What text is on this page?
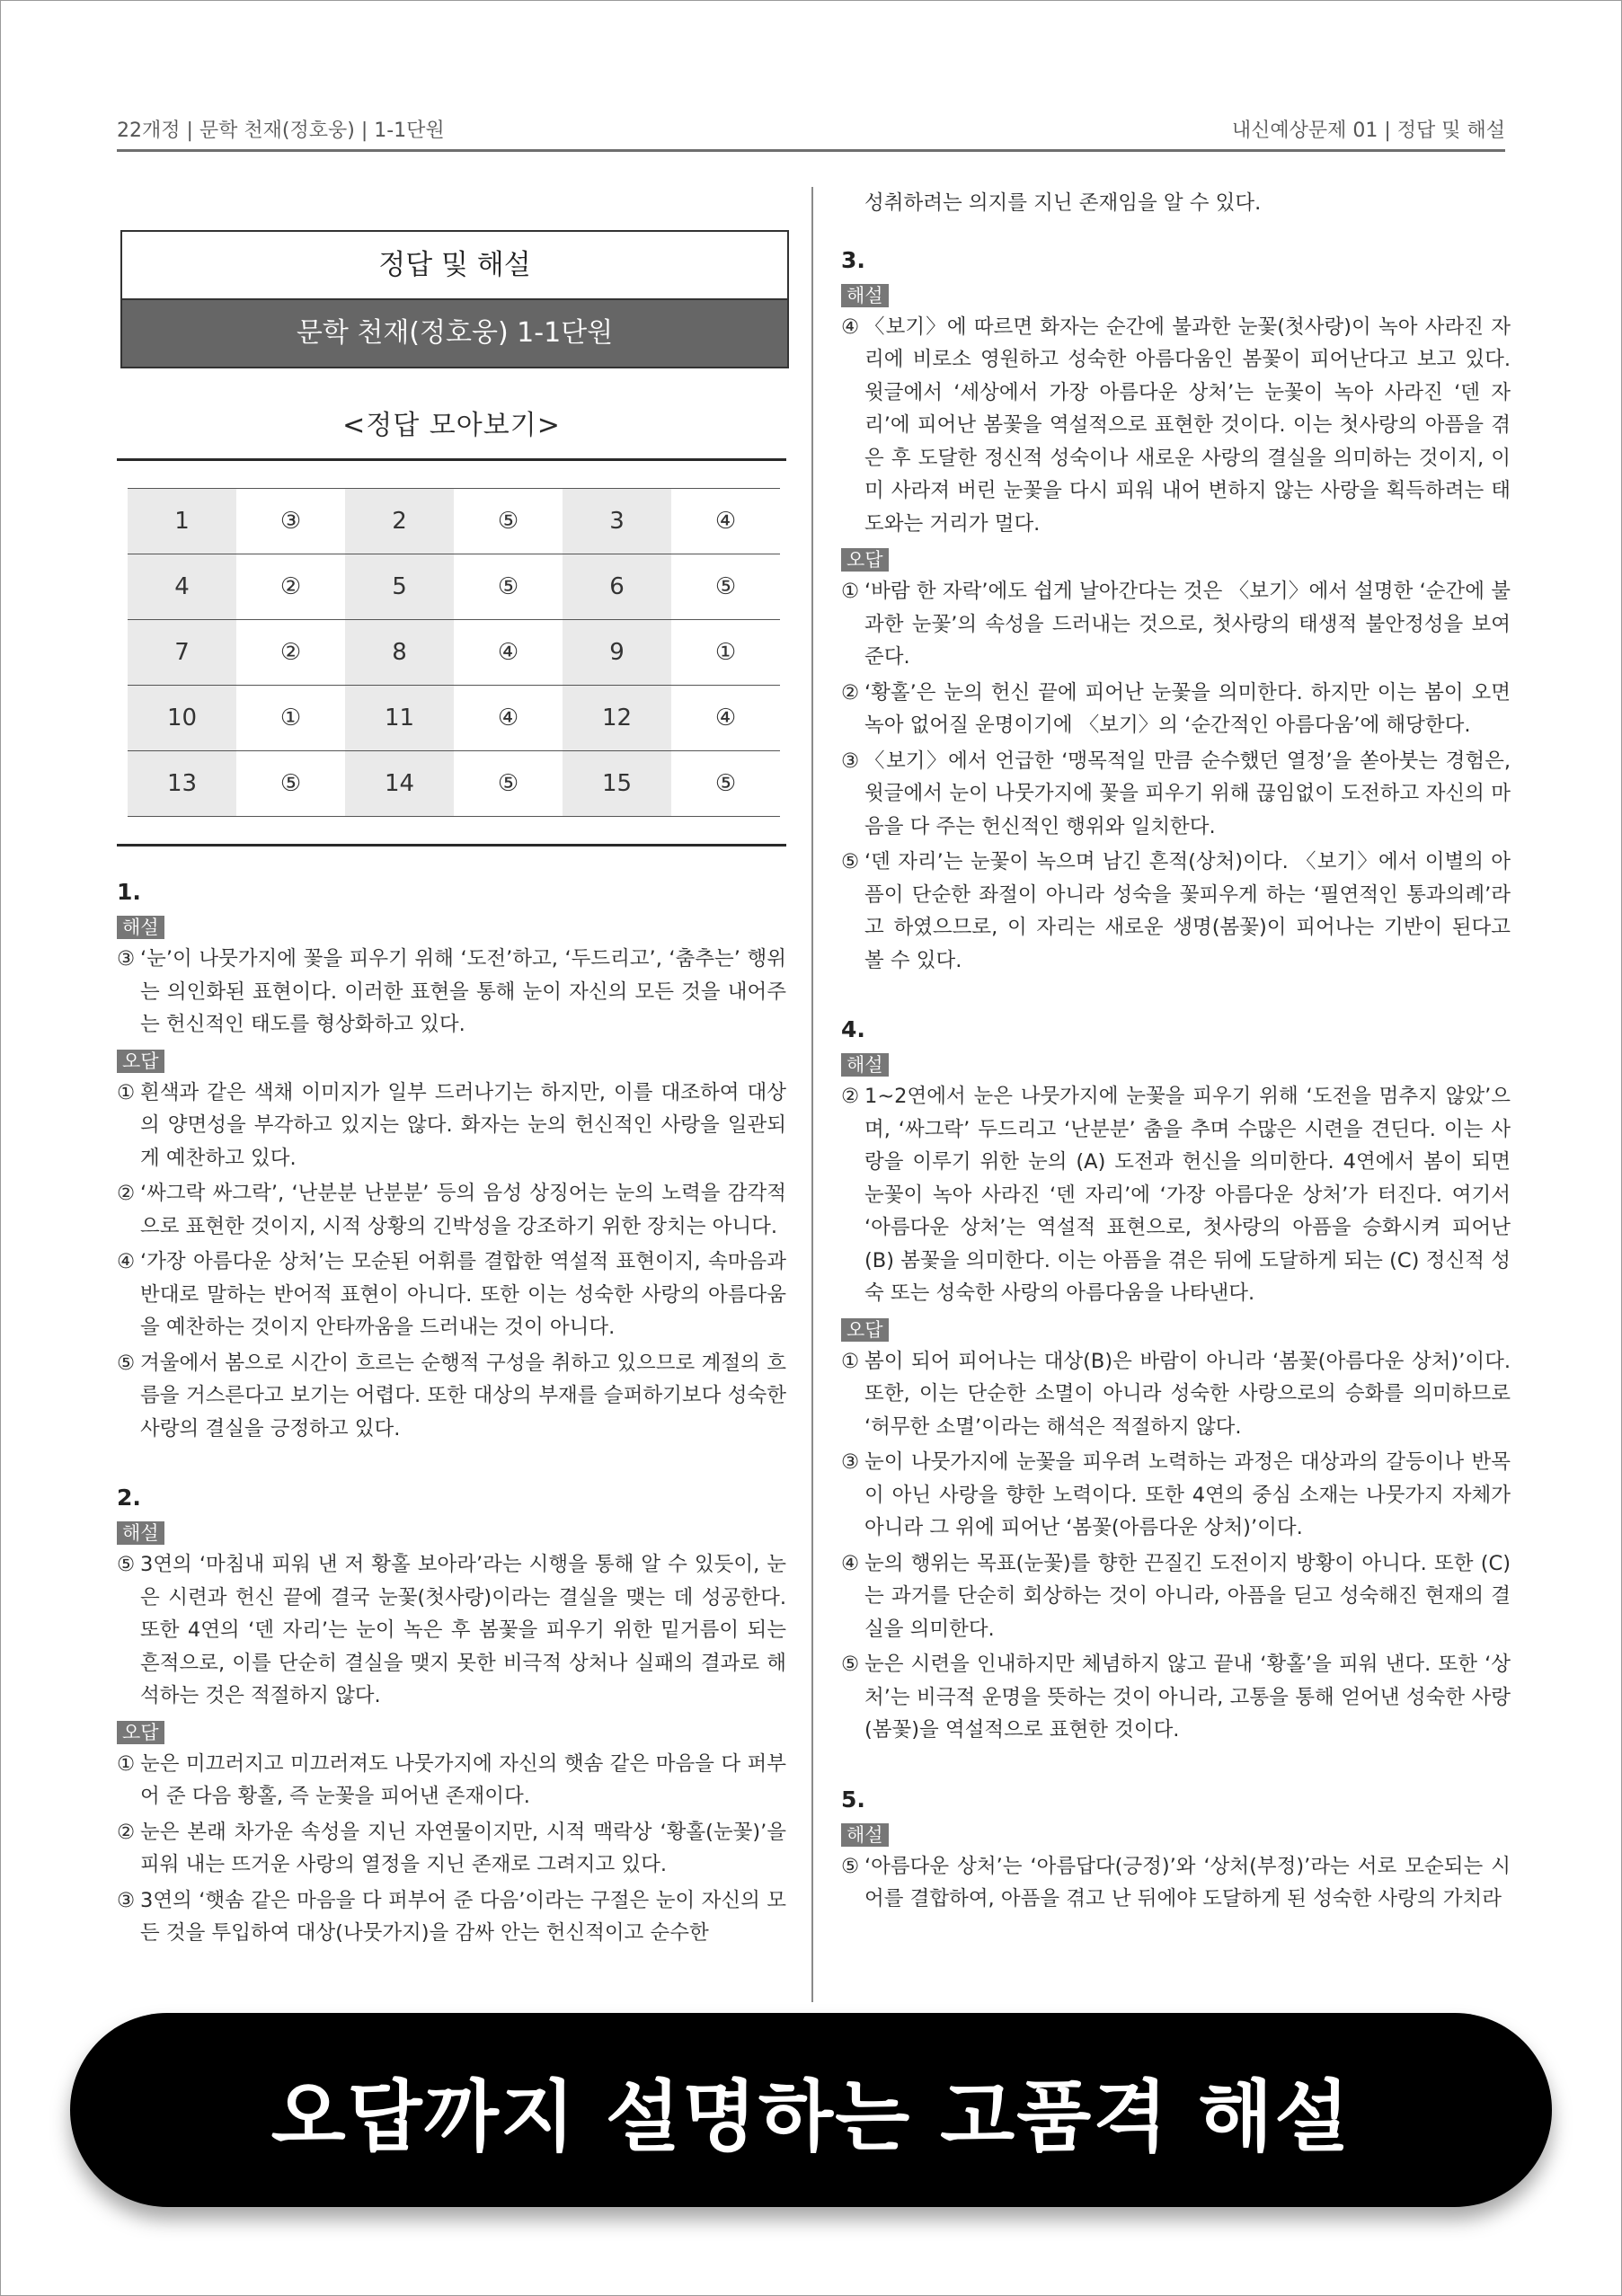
22개정 | 문학 천재(정호웅) | 1-1단원	내신예상문제 01 | 정답 및 해설
정답 및 해설
문학 천재(정호웅) 1-1단원
<정답 모아보기>
1	③	2	⑤	3	④
4	②	5	⑤	6	⑤
7	②	8	④	9	①
10	①	11	④	12	④
13	⑤	14	⑤	15	⑤
1.
해설
③ ‘눈’이 나뭇가지에 꽃을 피우기 위해 ‘도전’하고, ‘두드리고’, ‘춤추는’ 행위는 의인화된 표현이다. 이러한 표현을 통해 눈이 자신의 모든 것을 내어주는 헌신적인 태도를 형상화하고 있다.
오답
① 흰색과 같은 색채 이미지가 일부 드러나기는 하지만, 이를 대조하여 대상의 양면성을 부각하고 있지는 않다. 화자는 눈의 헌신적인 사랑을 일관되게 예찬하고 있다.
② ‘싸그락 싸그락’, ‘난분분 난분분’ 등의 음성 상징어는 눈의 노력을 감각적으로 표현한 것이지, 시적 상황의 긴박성을 강조하기 위한 장치는 아니다.
④ ‘가장 아름다운 상처’는 모순된 어휘를 결합한 역설적 표현이지, 속마음과 반대로 말하는 반어적 표현이 아니다. 또한 이는 성숙한 사랑의 아름다움을 예찬하는 것이지 안타까움을 드러내는 것이 아니다.
⑤ 겨울에서 봄으로 시간이 흐르는 순행적 구성을 취하고 있으므로 계절의 흐름을 거스른다고 보기는 어렵다. 또한 대상의 부재를 슬퍼하기보다 성숙한 사랑의 결실을 긍정하고 있다.
2.
해설
⑤ 3연의 ‘마침내 피워 낸 저 황홀 보아라’라는 시행을 통해 알 수 있듯이, 눈은 시련과 헌신 끝에 결국 눈꽃(첫사랑)이라는 결실을 맺는 데 성공한다. 또한 4연의 ‘덴 자리’는 눈이 녹은 후 봄꽃을 피우기 위한 밑거름이 되는 흔적으로, 이를 단순히 결실을 맺지 못한 비극적 상처나 실패의 결과로 해석하는 것은 적절하지 않다.
오답
① 눈은 미끄러지고 미끄러져도 나뭇가지에 자신의 햇솜 같은 마음을 다 퍼부어 준 다음 황홀, 즉 눈꽃을 피어낸 존재이다.
② 눈은 본래 차가운 속성을 지닌 자연물이지만, 시적 맥락상 ‘황홀(눈꽃)’을 피워 내는 뜨거운 사랑의 열정을 지닌 존재로 그려지고 있다.
③ 3연의 ‘햇솜 같은 마음을 다 퍼부어 준 다음’이라는 구절은 눈이 자신의 모든 것을 투입하여 대상(나뭇가지)을 감싸 안는 헌신적이고 순수한
성취하려는 의지를 지닌 존재임을 알 수 있다.
3.
해설
④ 〈보기〉에 따르면 화자는 순간에 불과한 눈꽃(첫사랑)이 녹아 사라진 자리에 비로소 영원하고 성숙한 아름다움인 봄꽃이 피어난다고 보고 있다. 윗글에서 ‘세상에서 가장 아름다운 상처’는 눈꽃이 녹아 사라진 ‘덴 자리’에 피어난 봄꽃을 역설적으로 표현한 것이다. 이는 첫사랑의 아픔을 겪은 후 도달한 정신적 성숙이나 새로운 사랑의 결실을 의미하는 것이지, 이미 사라져 버린 눈꽃을 다시 피워 내어 변하지 않는 사랑을 획득하려는 태도와는 거리가 멀다.
오답
① ‘바람 한 자락’에도 쉽게 날아간다는 것은 〈보기〉에서 설명한 ‘순간에 불과한 눈꽃’의 속성을 드러내는 것으로, 첫사랑의 태생적 불안정성을 보여 준다.
② ‘황홀’은 눈의 헌신 끝에 피어난 눈꽃을 의미한다. 하지만 이는 봄이 오면 녹아 없어질 운명이기에 〈보기〉의 ‘순간적인 아름다움’에 해당한다.
③ 〈보기〉에서 언급한 ‘맹목적일 만큼 순수했던 열정’을 쏟아붓는 경험은, 윗글에서 눈이 나뭇가지에 꽃을 피우기 위해 끊임없이 도전하고 자신의 마음을 다 주는 헌신적인 행위와 일치한다.
⑤ ‘덴 자리’는 눈꽃이 녹으며 남긴 흔적(상처)이다. 〈보기〉에서 이별의 아픔이 단순한 좌절이 아니라 성숙을 꽃피우게 하는 ‘필연적인 통과의례’라고 하였으므로, 이 자리는 새로운 생명(봄꽃)이 피어나는 기반이 된다고 볼 수 있다.
4.
해설
② 1~2연에서 눈은 나뭇가지에 눈꽃을 피우기 위해 ‘도전을 멈추지 않았’으며, ‘싸그락’ 두드리고 ‘난분분’ 춤을 추며 수많은 시련을 견딘다. 이는 사랑을 이루기 위한 눈의 (A) 도전과 헌신을 의미한다. 4연에서 봄이 되면 눈꽃이 녹아 사라진 ‘덴 자리’에 ‘가장 아름다운 상처’가 터진다. 여기서 ‘아름다운 상처’는 역설적 표현으로, 첫사랑의 아픔을 승화시켜 피어난 (B) 봄꽃을 의미한다. 이는 아픔을 겪은 뒤에 도달하게 되는 (C) 정신적 성숙 또는 성숙한 사랑의 아름다움을 나타낸다.
오답
① 봄이 되어 피어나는 대상(B)은 바람이 아니라 ‘봄꽃(아름다운 상처)’이다. 또한, 이는 단순한 소멸이 아니라 성숙한 사랑으로의 승화를 의미하므로 ‘허무한 소멸’이라는 해석은 적절하지 않다.
③ 눈이 나뭇가지에 눈꽃을 피우려 노력하는 과정은 대상과의 갈등이나 반목이 아닌 사랑을 향한 노력이다. 또한 4연의 중심 소재는 나뭇가지 자체가 아니라 그 위에 피어난 ‘봄꽃(아름다운 상처)’이다.
④ 눈의 행위는 목표(눈꽃)를 향한 끈질긴 도전이지 방황이 아니다. 또한 (C)는 과거를 단순히 회상하는 것이 아니라, 아픔을 딛고 성숙해진 현재의 결실을 의미한다.
⑤ 눈은 시련을 인내하지만 체념하지 않고 끝내 ‘황홀’을 피워 낸다. 또한 ‘상처’는 비극적 운명을 뜻하는 것이 아니라, 고통을 통해 얻어낸 성숙한 사랑(봄꽃)을 역설적으로 표현한 것이다.
5.
해설
⑤ ‘아름다운 상처’는 ‘아름답다(긍정)’와 ‘상처(부정)’라는 서로 모순되는 시어를 결합하여, 아픔을 겪고 난 뒤에야 도달하게 된 성숙한 사랑의 가치라
오답까지 설명하는 고품격 해설
